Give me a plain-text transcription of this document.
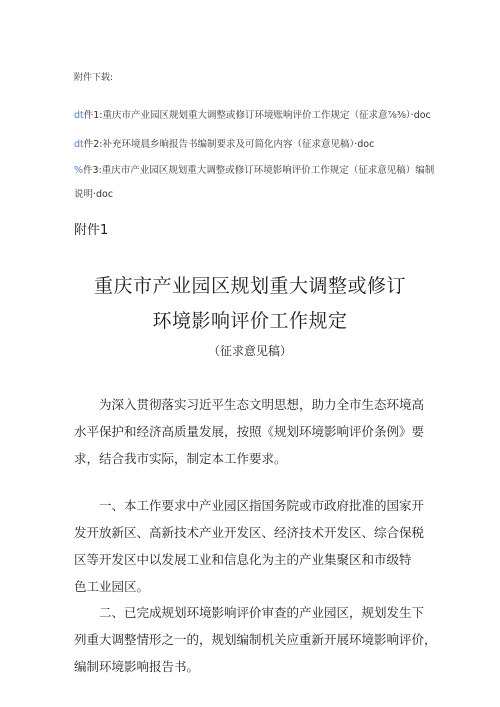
附件下载:
dt件1:重庆市产业园区规划重大调整或修订环境账响评价工作规定（征求意⅞⅜）·doc
dt件2:补充环境晨乡晌报告书编制要求及可简化内容（征求意见稿）·doc
%件3:重庆市产业园区规划重大调整或修订环境影响评价工作规定（征求意见稿）编制
说明·doc
附件1
重庆市产业园区规划重大调整或修订
环境影响评价工作规定
（征求意见稿）
为深入贯彻落实习近平生态文明思想，助力全市生态环境高
水平保护和经济高质量发展，按照《规划环境影响评价条例》要
求，结合我市实际，制定本工作要求。
一、本工作要求中产业园区指国务院或市政府批准的国家开
发开放新区、高新技术产业开发区、经济技术开发区、综合保税
区等开发区中以发展工业和信息化为主的产业集聚区和市级特
色工业园区。
二、已完成规划环境影响评价审查的产业园区，规划发生下
列重大调整情形之一的，规划编制机关应重新开展环境影响评价，
编制环境影响报告书。
